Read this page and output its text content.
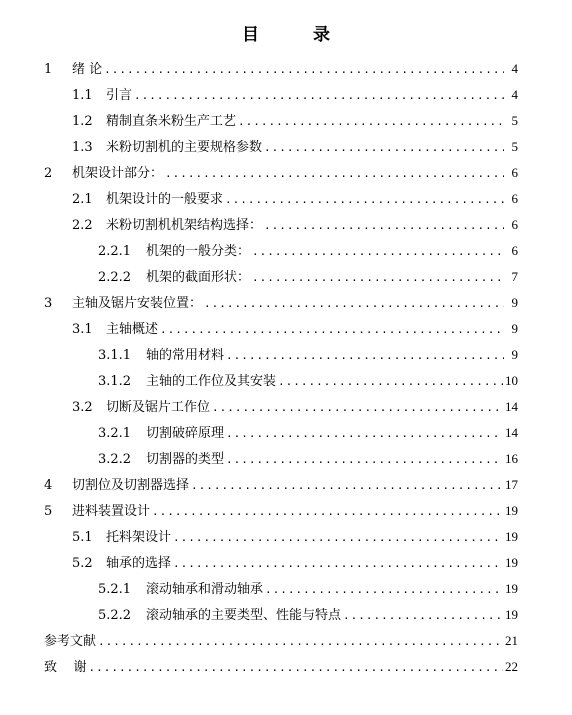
目 录
1	绪 论 .....	4
1.1	引言 .....	4
1.2	精制直条米粉生产工艺 .....	5
1.3	米粉切割机的主要规格参数 .....	5
2	机架设计部分： .....	6
2.1	机架设计的一般要求 .....	6
2.2	米粉切割机机架结构选择： .....	6
2.2.1	机架的一般分类： .....	6
2.2.2	机架的截面形状： .....	7
3	主轴及锯片安装位置： .....	9
3.1	主轴概述 .....	9
3.1.1	轴的常用材料 .....	9
3.1.2	主轴的工作位及其安装 .....	10
3.2	切断及锯片工作位 .....	14
3.2.1	切割破碎原理 .....	14
3.2.2	切割器的类型 .....	16
4	切割位及切割器选择 .....	17
5	进料装置设计 .....	19
5.1	托料架设计 .....	19
5.2	轴承的选择 .....	19
5.2.1	滚动轴承和滑动轴承 .....	19
5.2.2	滚动轴承的主要类型、性能与特点 .....	19
参考文献 .....	21
致    谢 .....	22
